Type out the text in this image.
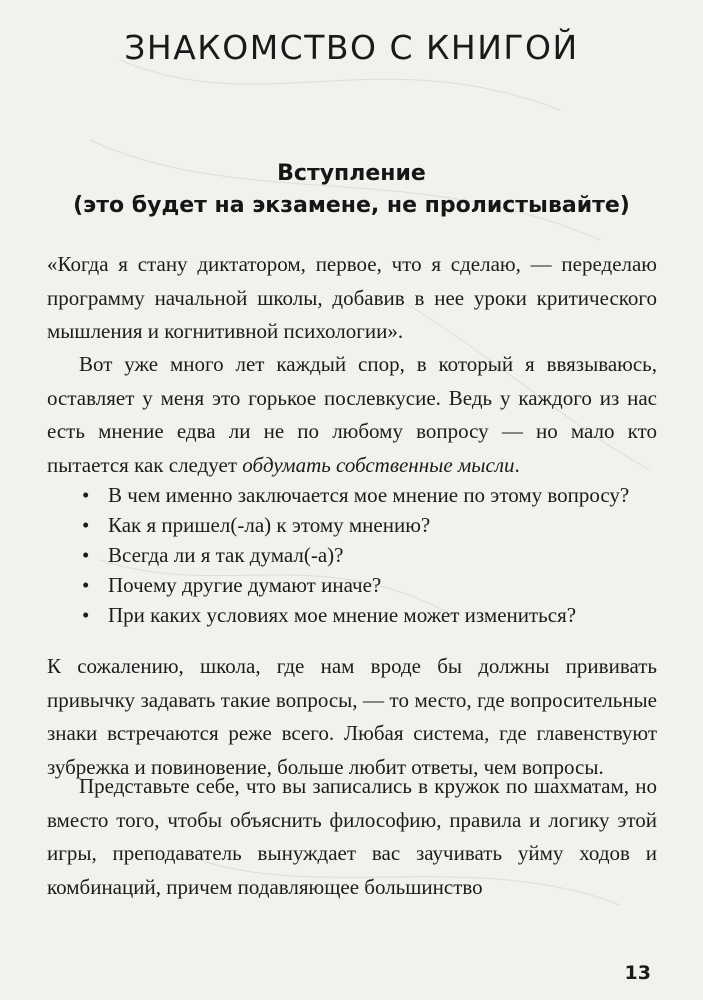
ЗНАКОМСТВО С КНИГОЙ
Вступление
(это будет на экзамене, не пролистывайте)

«Когда я стану диктатором, первое, что я сделаю, — переделаю программу начальной школы, добавив в нее уроки критического мышления и когнитивной психологии».

Вот уже много лет каждый спор, в который я ввязываюсь, оставляет у меня это горькое послевкусие. Ведь у каждого из нас есть мнение едва ли не по любому вопросу — но мало кто пытается как следует обдумать собственные мысли.

• В чем именно заключается мое мнение по этому вопросу?
• Как я пришел(-ла) к этому мнению?
• Всегда ли я так думал(-а)?
• Почему другие думают иначе?
• При каких условиях мое мнение может измениться?

К сожалению, школа, где нам вроде бы должны прививать привычку задавать такие вопросы, — то место, где вопросительные знаки встречаются реже всего. Любая система, где главенствуют зубрежка и повиновение, больше любит ответы, чем вопросы.

Представьте себе, что вы записались в кружок по шахматам, но вместо того, чтобы объяснить философию, правила и логику этой игры, преподаватель вынуждает вас заучивать уйму ходов и комбинаций, причем подавляющее большинство

13
